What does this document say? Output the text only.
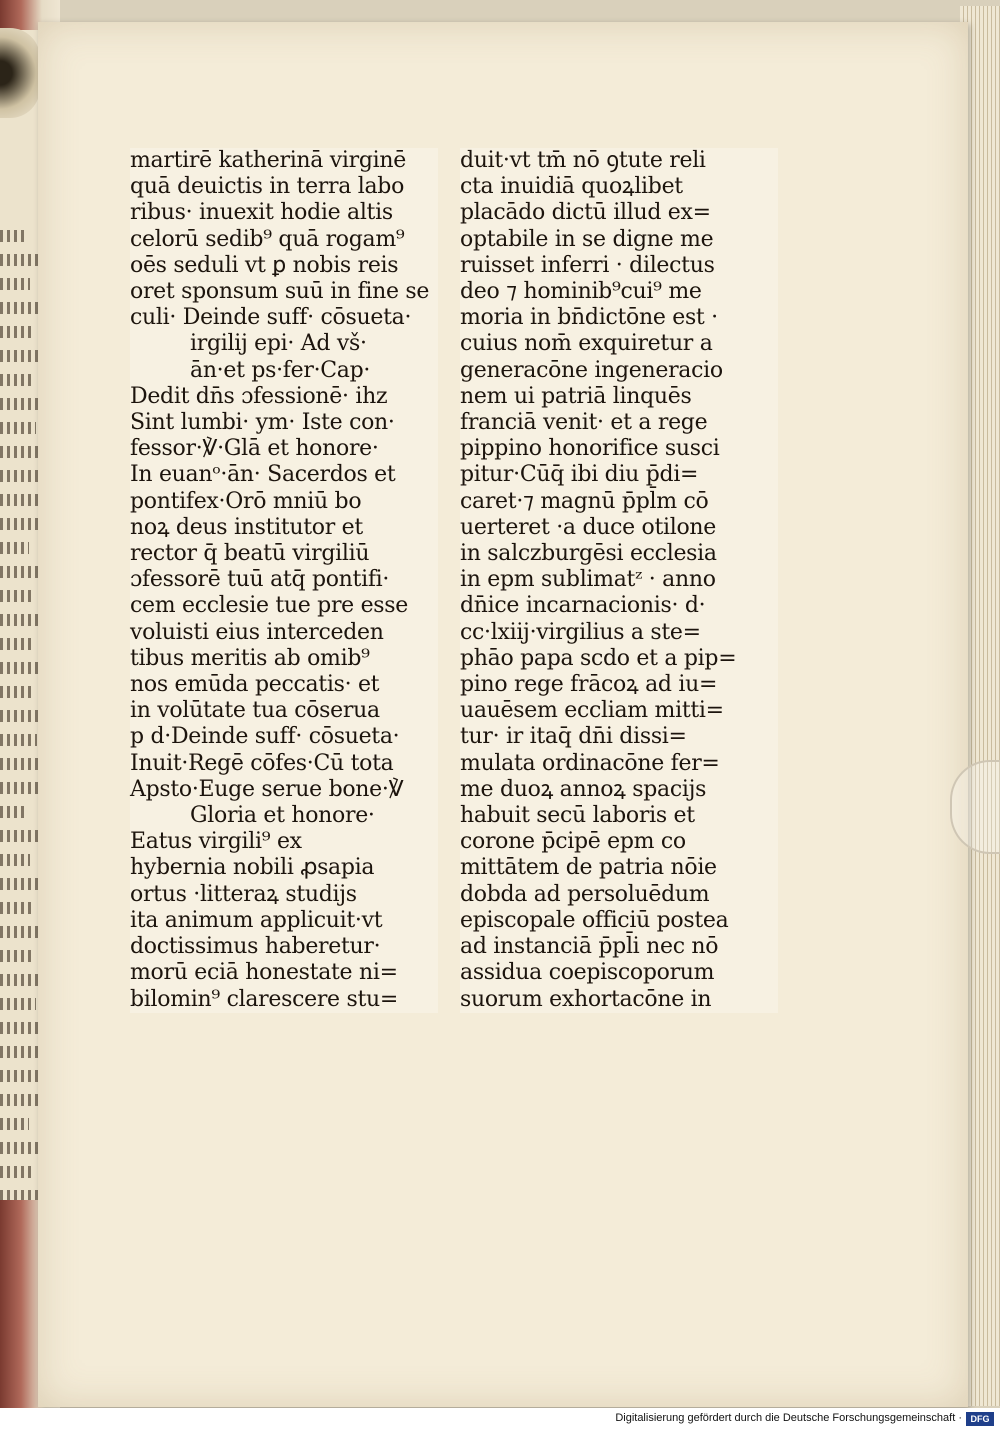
martirē katherinā virginē
quā deuictis in terra labo
ribus· inuexit hodie altis
celorū sedib⁹ quā rogam⁹
oēs seduli vt ꝑ nobis reis
oret sponsum suū in fine se
culi· Deinde suff· cōsueta·
irgilij epi· Ad vš·
ān·et ps·fer·Cap·
Dedit dn̄s ɔfessionē· ihz
Sint lumbi· ym· Iste con·
fessor·℣·Glā et honore·
In euanᵒ·ān· Sacerdos et
pontifex·Orō mniū bo
noꝝ deus institutor et
rector q̄ beatū virgiliū
ɔfessorē tuū atq̄ pontifi·
cem ecclesie tue pre esse
voluisti eius interceden
tibus meritis ab omib⁹
nos emūda peccatis· et
in volūtate tua cōserua
p d·Deinde suff· cōsueta·
Inuit·Regē cōfes·Cū tota
Apsto·Euge serue bone·℣
Gloria et honore·
Eatus virgili⁹ ex
hybernia nobili ꝓsapia
ortus ·litteraꝝ studijs
ita animum applicuit·vt
doctissimus haberetur·
morū eciā honestate ni=
bilomin⁹ clarescere stu=
duit·vt tm̄ nō ꝯtute reli
cta inuidiā quoꝝlibet
placādo dictū illud ex=
optabile in se digne me
ruisset inferri · dilectus
deo ⁊ hominib⁹cui⁹ me
moria in bn̄dictōne est ·
cuius nom̄ exquiretur a
generacōne ingeneracio
nem ui patriā linquēs
franciā venit· et a rege
pippino honorifice susci
pitur·Cūq̄ ibi diu p̄di=
caret·⁊ magnū p̄pl̄m cō
uerteret ·a duce otilone
in salczburgēsi ecclesia
in epm sublimatᶻ · anno
dn̄ice incarnacionis· d·
cc·lxiij·virgilius a ste=
phāo papa scdo et a pip=
pino rege frācoꝝ ad iu=
uauēsem eccliam mitti=
tur· ir itaq̄ dn̄i dissi=
mulata ordinacōne fer=
me duoꝝ annoꝝ spacijs
habuit secū laboris et
corone p̄cipē epm co
mittātem de patria nōie
dobda ad persoluēdum
episcopale officiū postea
ad instanciā p̄pl̄i nec nō
assidua coepiscoporum
suorum exhortacōne in
Digitalisierung gefördert durch die Deutsche Forschungsgemeinschaft · DFG
